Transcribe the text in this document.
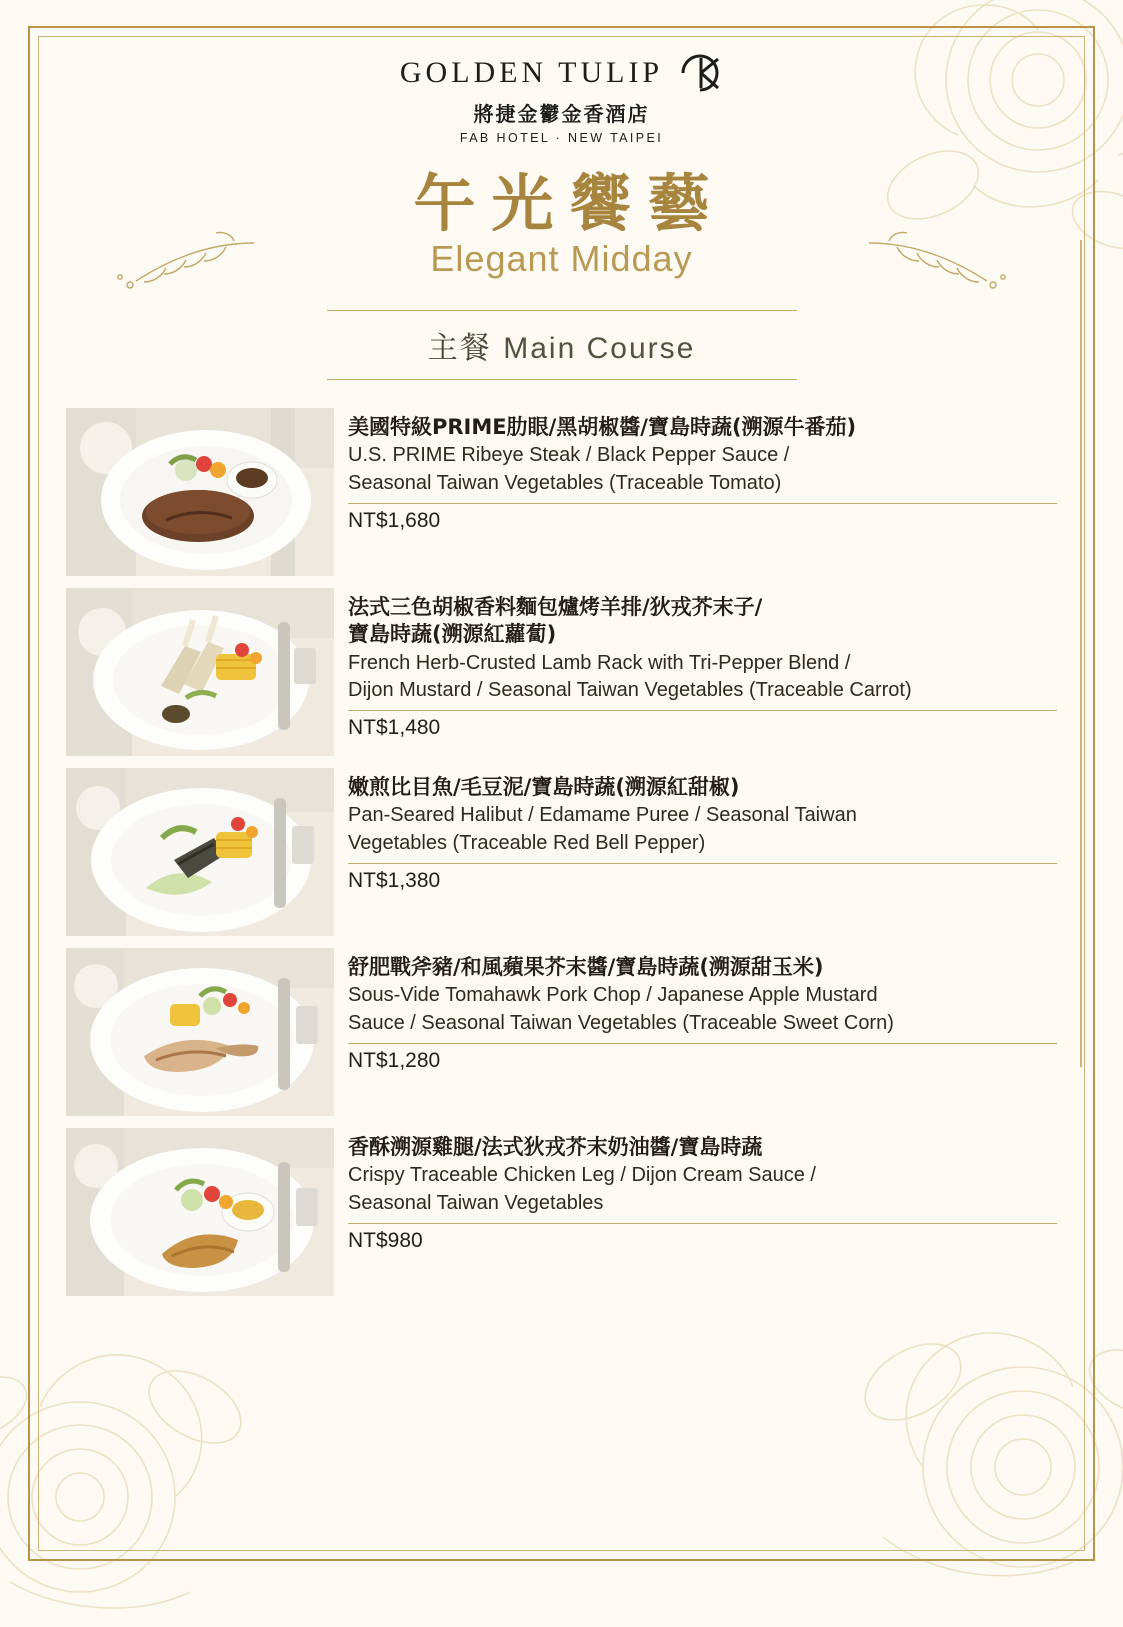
GOLDEN TULIP
將捷金鬱金香酒店
FAB HOTEL · NEW TAIPEI
午光饗藝
Elegant Midday
主餐 Main Course
美國特級PRIME肋眼/黑胡椒醬/寶島時蔬(溯源牛番茄)
U.S. PRIME Ribeye Steak / Black Pepper Sauce /
Seasonal Taiwan Vegetables (Traceable Tomato)
NT$1,680
法式三色胡椒香料麵包爐烤羊排/狄戎芥末子/
寶島時蔬(溯源紅蘿蔔)
French Herb-Crusted Lamb Rack with Tri-Pepper Blend /
Dijon Mustard / Seasonal Taiwan Vegetables (Traceable Carrot)
NT$1,480
嫩煎比目魚/毛豆泥/寶島時蔬(溯源紅甜椒)
Pan-Seared Halibut / Edamame Puree / Seasonal Taiwan
Vegetables (Traceable Red Bell Pepper)
NT$1,380
舒肥戰斧豬/和風蘋果芥末醬/寶島時蔬(溯源甜玉米)
Sous-Vide Tomahawk Pork Chop / Japanese Apple Mustard
Sauce / Seasonal Taiwan Vegetables (Traceable Sweet Corn)
NT$1,280
香酥溯源雞腿/法式狄戎芥末奶油醬/寶島時蔬
Crispy Traceable Chicken Leg / Dijon Cream Sauce /
Seasonal Taiwan Vegetables
NT$980
